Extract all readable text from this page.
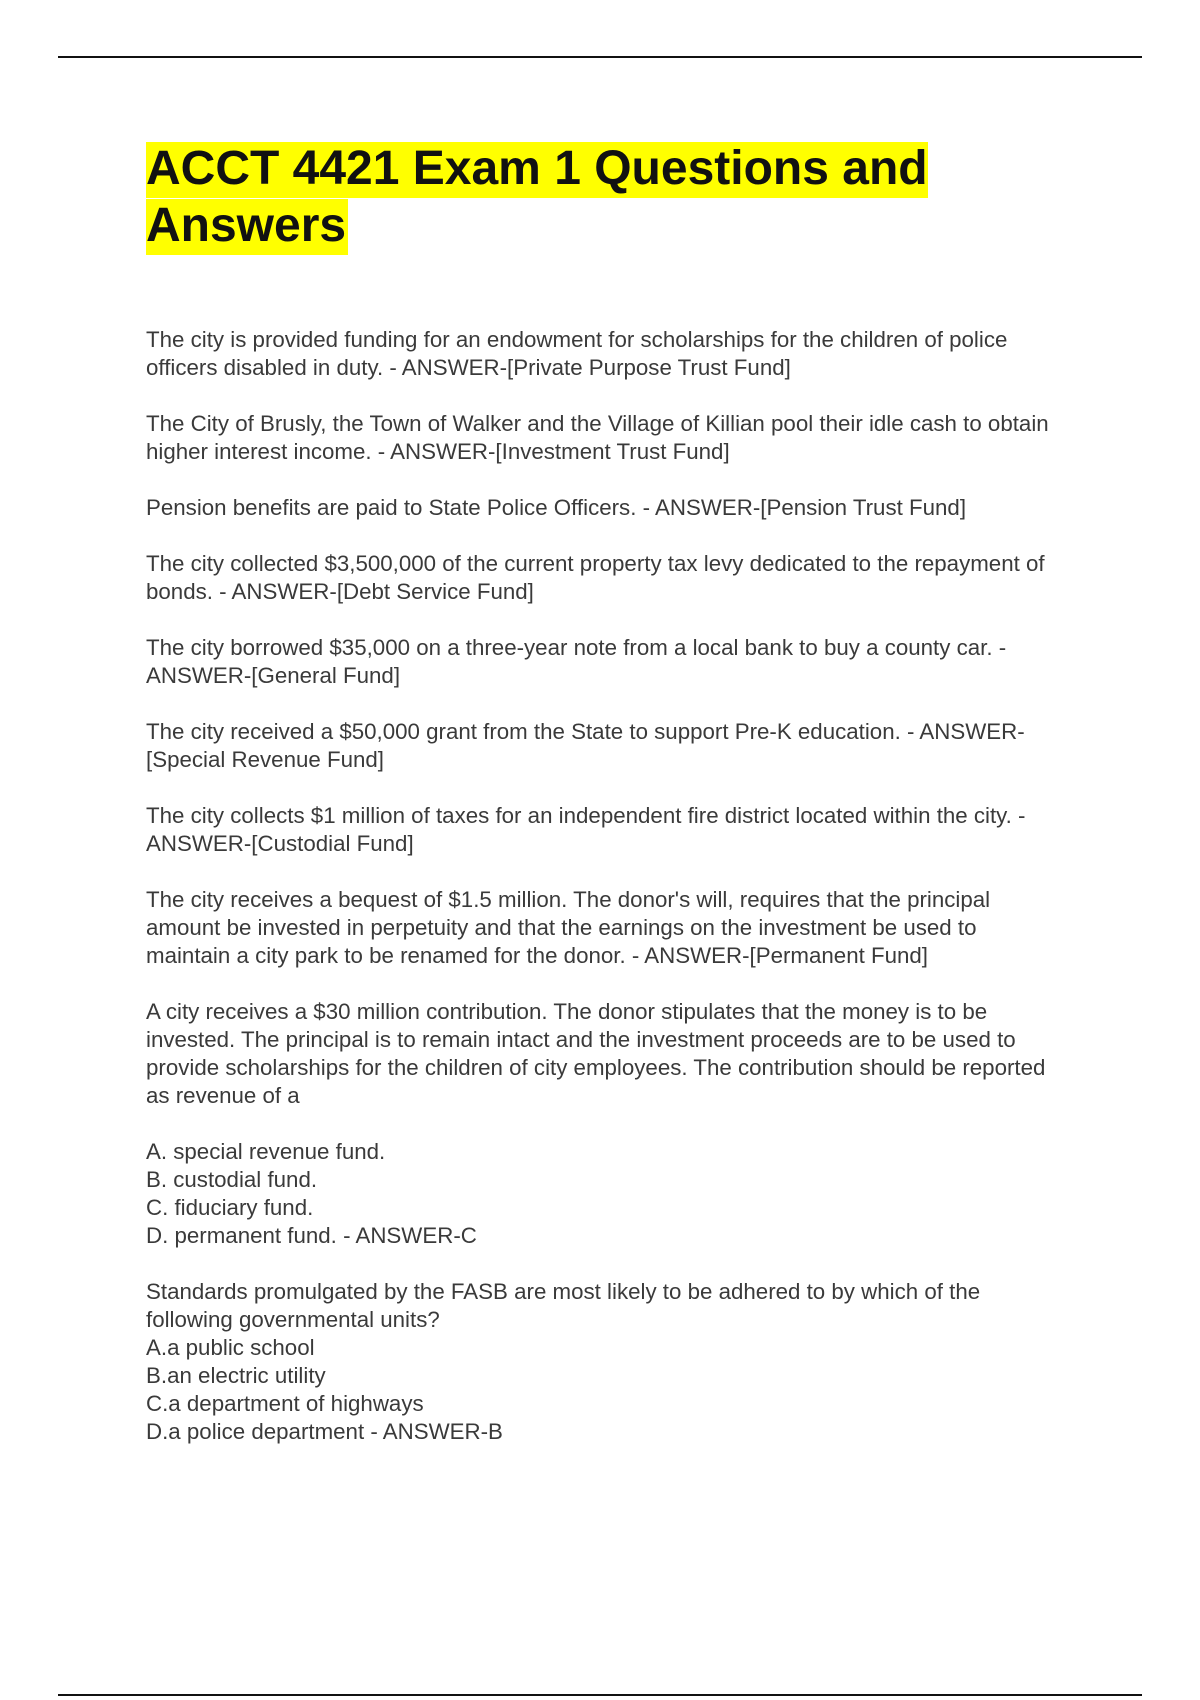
ACCT 4421 Exam 1 Questions and Answers

The city is provided funding for an endowment for scholarships for the children of police officers disabled in duty. - ANSWER-[Private Purpose Trust Fund]

The City of Brusly, the Town of Walker and the Village of Killian pool their idle cash to obtain higher interest income. - ANSWER-[Investment Trust Fund]

Pension benefits are paid to State Police Officers. - ANSWER-[Pension Trust Fund]

The city collected $3,500,000 of the current property tax levy dedicated to the repayment of bonds. - ANSWER-[Debt Service Fund]

The city borrowed $35,000 on a three-year note from a local bank to buy a county car. - ANSWER-[General Fund]

The city received a $50,000 grant from the State to support Pre-K education. - ANSWER-[Special Revenue Fund]

The city collects $1 million of taxes for an independent fire district located within the city. - ANSWER-[Custodial Fund]

The city receives a bequest of $1.5 million. The donor's will, requires that the principal amount be invested in perpetuity and that the earnings on the investment be used to maintain a city park to be renamed for the donor. - ANSWER-[Permanent Fund]

A city receives a $30 million contribution. The donor stipulates that the money is to be invested. The principal is to remain intact and the investment proceeds are to be used to provide scholarships for the children of city employees. The contribution should be reported as revenue of a

A. special revenue fund.
B. custodial fund.
C. fiduciary fund.
D. permanent fund. - ANSWER-C

Standards promulgated by the FASB are most likely to be adhered to by which of the following governmental units?
A.a public school
B.an electric utility
C.a department of highways
D.a police department - ANSWER-B
